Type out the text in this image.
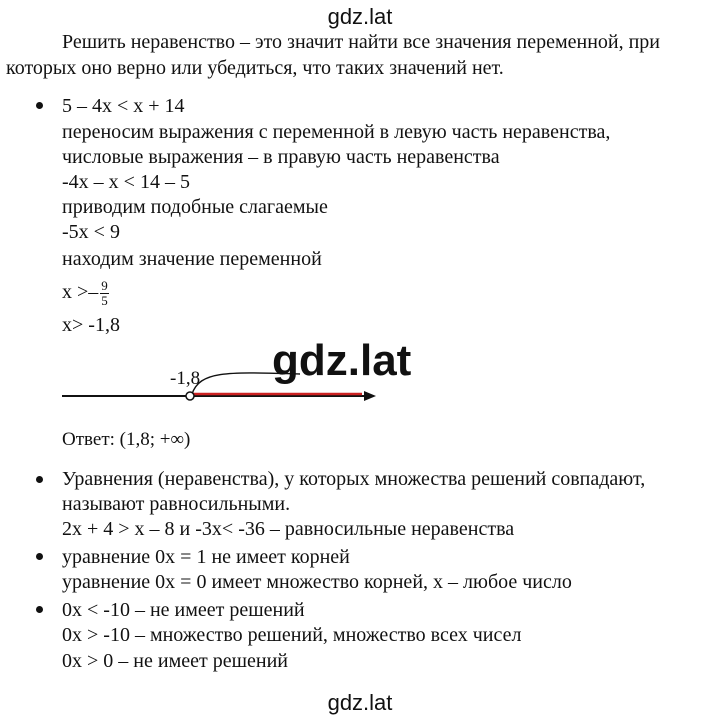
gdz.lat
Решить неравенство – это значит найти все значения переменной, при
которых оно верно или убедиться, что таких значений нет.
5 – 4x < x + 14
переносим выражения с переменной в левую часть неравенства,
числовые выражения – в правую часть неравенства
-4x – x < 14 – 5
приводим подобные слагаемые
-5x < 9
находим значение переменной
$x >- \frac{9}{5}$
x> -1,8
-1,8 gdz.lat
Ответ: (1,8; +∞)
Уравнения (неравенства), у которых множества решений совпадают,
называют равносильными.
2x + 4 > x – 8 и -3x< -36 – равносильные неравенства
уравнение 0x = 1 не имеет корней
уравнение 0x = 0 имеет множество корней, x – любое число
0x < -10 – не имеет решений
0x > -10 – множество решений, множество всех чисел
0x > 0 – не имеет решений
gdz.lat
